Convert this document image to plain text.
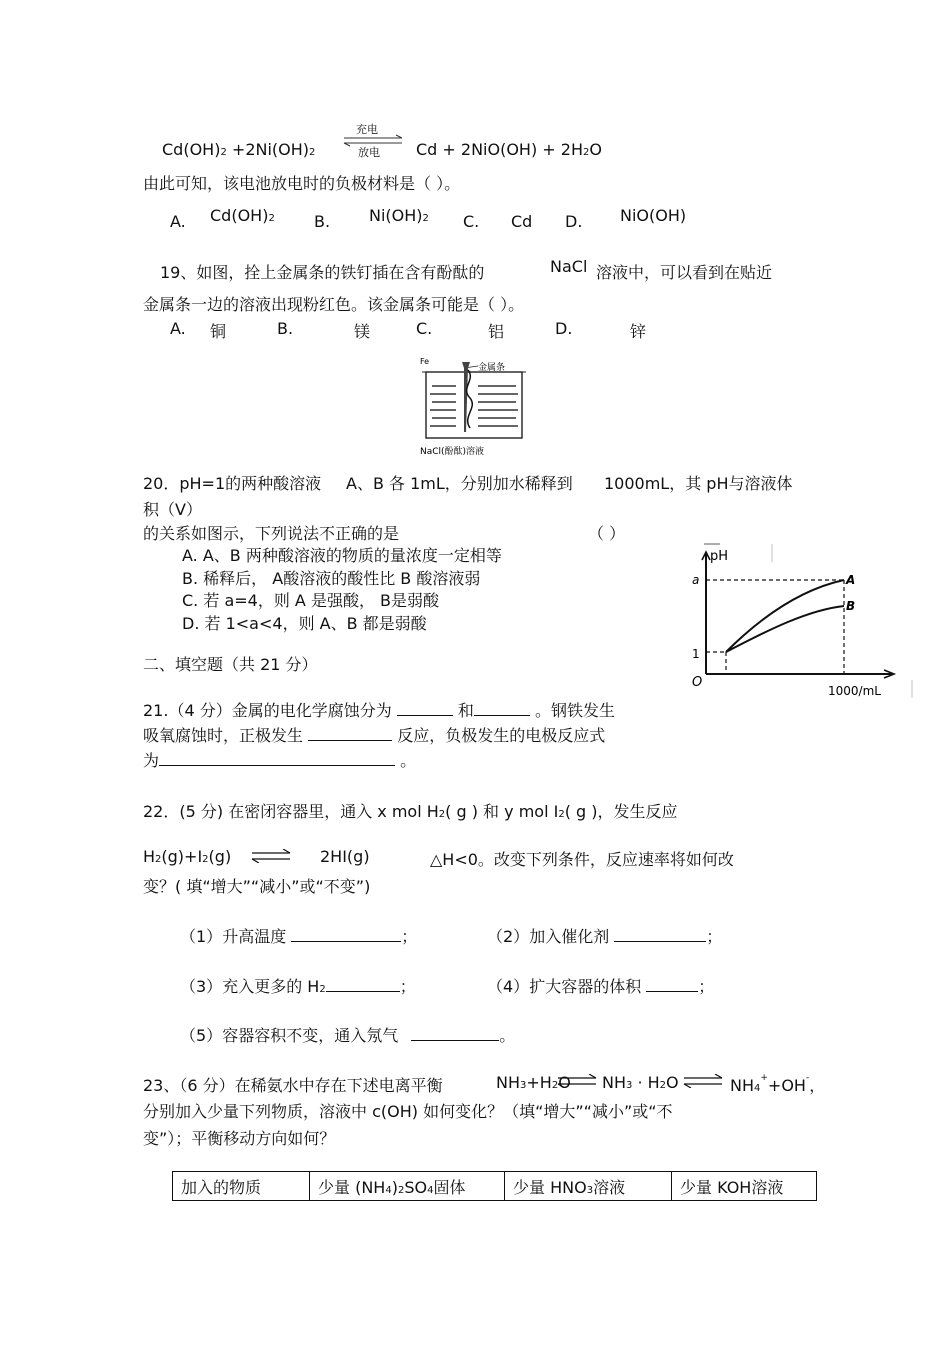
Cd(OH)2 +2Ni(OH)2
充电
放电 Cd + 2NiO(OH) + 2H2O
由此可知，该电池放电时的负极材料是（ ）。
A. Cd(OH)2 B. Ni(OH)2 C. Cd D. NiO(OH)
19、如图，拴上金属条的铁钉插在含有酚酞的	NaCl 溶液中，可以看到在贴近
金属条一边的溶液出现粉红色。该金属条可能是（ ）。
A. 铜	B.	镁	C.	铝	D.	锌
Fe
金属条
NaCl(酚酞)溶液
20．pH=1的两种酸溶液 A、B 各 1mL，分别加水稀释到 1000mL，其 pH与溶液体
积（V）
的关系如图示，下列说法不正确的是	（ ）
A. A、B 两种酸溶液的物质的量浓度一定相等
B. 稀释后， A酸溶液的酸性比 B 酸溶液弱
C. 若 a=4，则 A 是强酸， B是弱酸
D. 若 1<a<4，则 A、B 都是弱酸
pH
a
1
O
A
B
1000/mL
二、填空题（共 21 分）
21.（4 分）金属的电化学腐蚀分为	和	。钢铁发生
吸氧腐蚀时，正极发生	反应，负极发生的电极反应式
为	。
22．(5 分) 在密闭容器里，通入 x mol H2( g ) 和 y mol I2( g )，发生反应
H2(g)+I2(g) ⇌ 2HI(g)	△H<0。改变下列条件，反应速率将如何改
变？( 填“增大”“减小”或“不变”)
（1）升高温度	；	（2）加入催化剂	；
（3）充入更多的 H2	；	（4）扩大容器的体积	；
（5）容器容积不变，通入氖气	。
23、（6 分）在稀氨水中存在下述电离平衡	NH3+H2O ⇌ NH3 · H2O ⇌ NH4++OH-，
分别加入少量下列物质，溶液中 c(OH) 如何变化？（填“增大”“减小”或“不
变”）；平衡移动方向如何？
加入的物质	少量 (NH4)2SO4固体	少量 HNO3溶液	少量 KOH溶液
